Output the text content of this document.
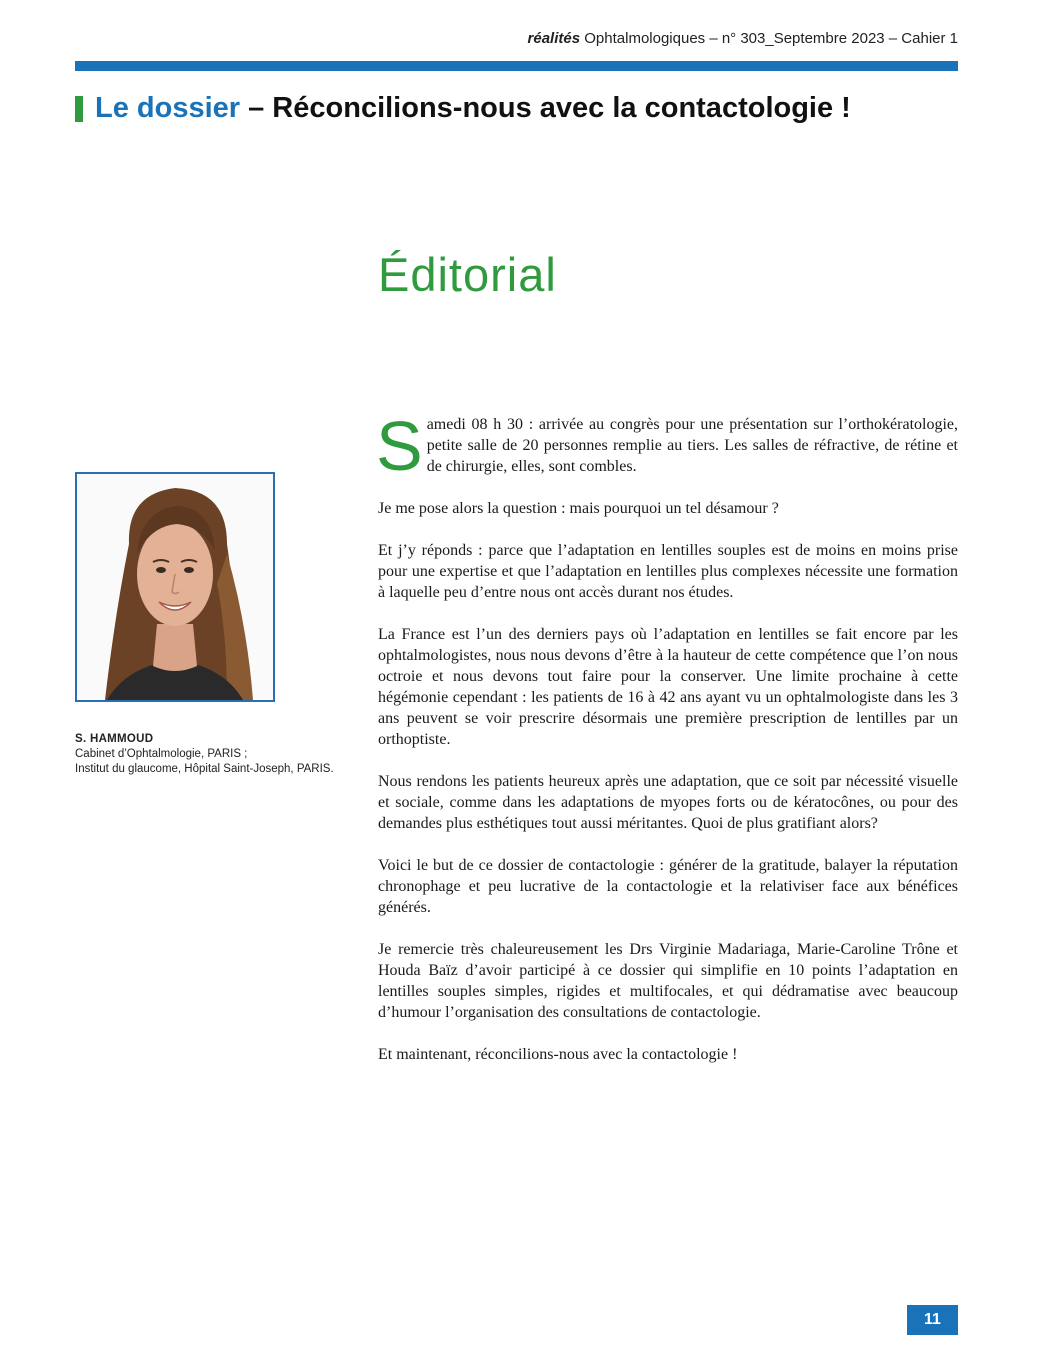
réalités Ophtalmologiques – n° 303_Septembre 2023 – Cahier 1
Le dossier
– Réconcilions-nous avec la contactologie !
Éditorial
S. HAMMOUD
Cabinet d’Ophtalmologie, PARIS ;
Institut du glaucome, Hôpital Saint-Joseph, PARIS.

Samedi 08 h 30 : arrivée au congrès pour une présentation sur l’orthokératologie, petite salle de 20 personnes remplie au tiers. Les salles de réfractive, de rétine et de chirurgie, elles, sont combles.

Je me pose alors la question : mais pourquoi un tel désamour ?

Et j’y réponds : parce que l’adaptation en lentilles souples est de moins en moins prise pour une expertise et que l’adaptation en lentilles plus complexes nécessite une formation à laquelle peu d’entre nous ont accès durant nos études.

La France est l’un des derniers pays où l’adaptation en lentilles se fait encore par les ophtalmologistes, nous nous devons d’être à la hauteur de cette compétence que l’on nous octroie et nous devons tout faire pour la conserver. Une limite prochaine à cette hégémonie cependant : les patients de 16 à 42 ans ayant vu un ophtalmologiste dans les 3 ans peuvent se voir prescrire désormais une première prescription de lentilles par un orthoptiste.

Nous rendons les patients heureux après une adaptation, que ce soit par nécessité visuelle et sociale, comme dans les adaptations de myopes forts ou de kératocônes, ou pour des demandes plus esthétiques tout aussi méritantes. Quoi de plus gratifiant alors?

Voici le but de ce dossier de contactologie : générer de la gratitude, balayer la réputation chronophage et peu lucrative de la contactologie et la relativiser face aux bénéfices générés.

Je remercie très chaleureusement les Drs Virginie Madariaga, Marie-Caroline Trône et Houda Baïz d’avoir participé à ce dossier qui simplifie en 10 points l’adaptation en lentilles souples simples, rigides et multifocales, et qui dédramatise avec beaucoup d’humour l’organisation des consultations de contactologie.

Et maintenant, réconcilions-nous avec la contactologie !

11
